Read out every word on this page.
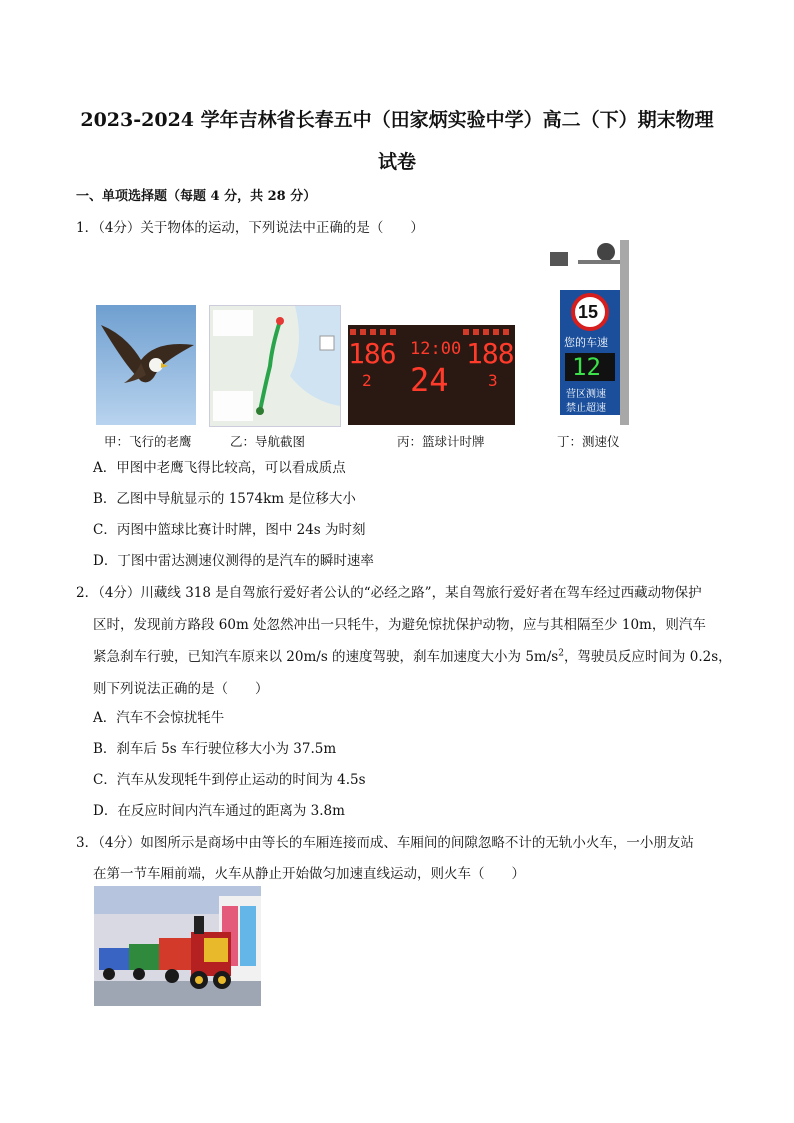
2023-2024 学年吉林省长春五中（田家炳实验中学）高二（下）期末物理
试卷
一、单项选择题（每题 4 分，共 28 分）
1．（4分）关于物体的运动，下列说法中正确的是（　　）
186 12:00 188
2 24 3
15
您的车速
12
营区测速
禁止超速
甲：飞行的老鹰	乙：导航截图	丙：篮球计时牌	丁：测速仪
A．甲图中老鹰飞得比较高，可以看成质点
B．乙图中导航显示的 1574km 是位移大小
C．丙图中篮球比赛计时牌，图中 24s 为时刻
D．丁图中雷达测速仪测得的是汽车的瞬时速率
2．（4分）川藏线 318 是自驾旅行爱好者公认的“必经之路”，某自驾旅行爱好者在驾车经过西藏动物保护
区时，发现前方路段 60m 处忽然冲出一只牦牛，为避免惊扰保护动物，应与其相隔至少 10m，则汽车
紧急刹车行驶，已知汽车原来以 20m/s 的速度驾驶，刹车加速度大小为 $5m/s^2$，驾驶员反应时间为 0.2s，
则下列说法正确的是（　　）
A．汽车不会惊扰牦牛
B．刹车后 5s 车行驶位移大小为 37.5m
C．汽车从发现牦牛到停止运动的时间为 4.5s
D．在反应时间内汽车通过的距离为 3.8m
3．（4分）如图所示是商场中由等长的车厢连接而成、车厢间的间隙忽略不计的无轨小火车，一小朋友站
在第一节车厢前端，火车从静止开始做匀加速直线运动，则火车（　　）
